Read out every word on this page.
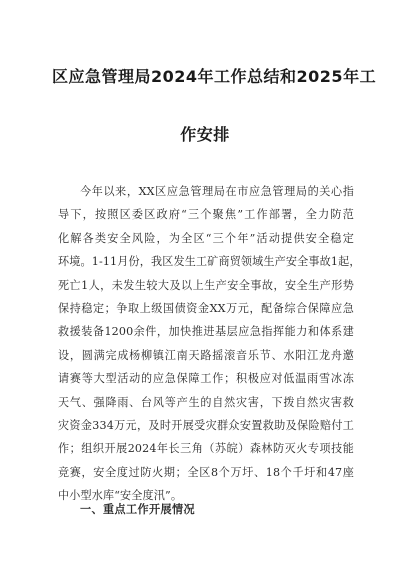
区应急管理局2024年工作总结和2025年工
作安排

今年以来，XX区应急管理局在市应急管理局的关心指
导下，按照区委区政府“三个聚焦”工作部署，全力防范
化解各类安全风险，为全区“三个年”活动提供安全稳定
环境。1-11月份，我区发生工矿商贸领域生产安全事故1起，
死亡1人，未发生较大及以上生产安全事故，安全生产形势
保持稳定；争取上级国债资金XX万元，配备综合保障应急
救援装备1200余件，加快推进基层应急指挥能力和体系建
设，圆满完成杨柳镇江南天路摇滚音乐节、水阳江龙舟邀
请赛等大型活动的应急保障工作；积极应对低温雨雪冰冻
天气、强降雨、台风等产生的自然灾害，下拨自然灾害救
灾资金334万元，及时开展受灾群众安置救助及保险赔付工
作；组织开展2024年长三角（苏皖）森林防灭火专项技能
竞赛，安全度过防火期；全区8个万圩、18个千圩和47座
中小型水库“安全度汛”。

一、重点工作开展情况
